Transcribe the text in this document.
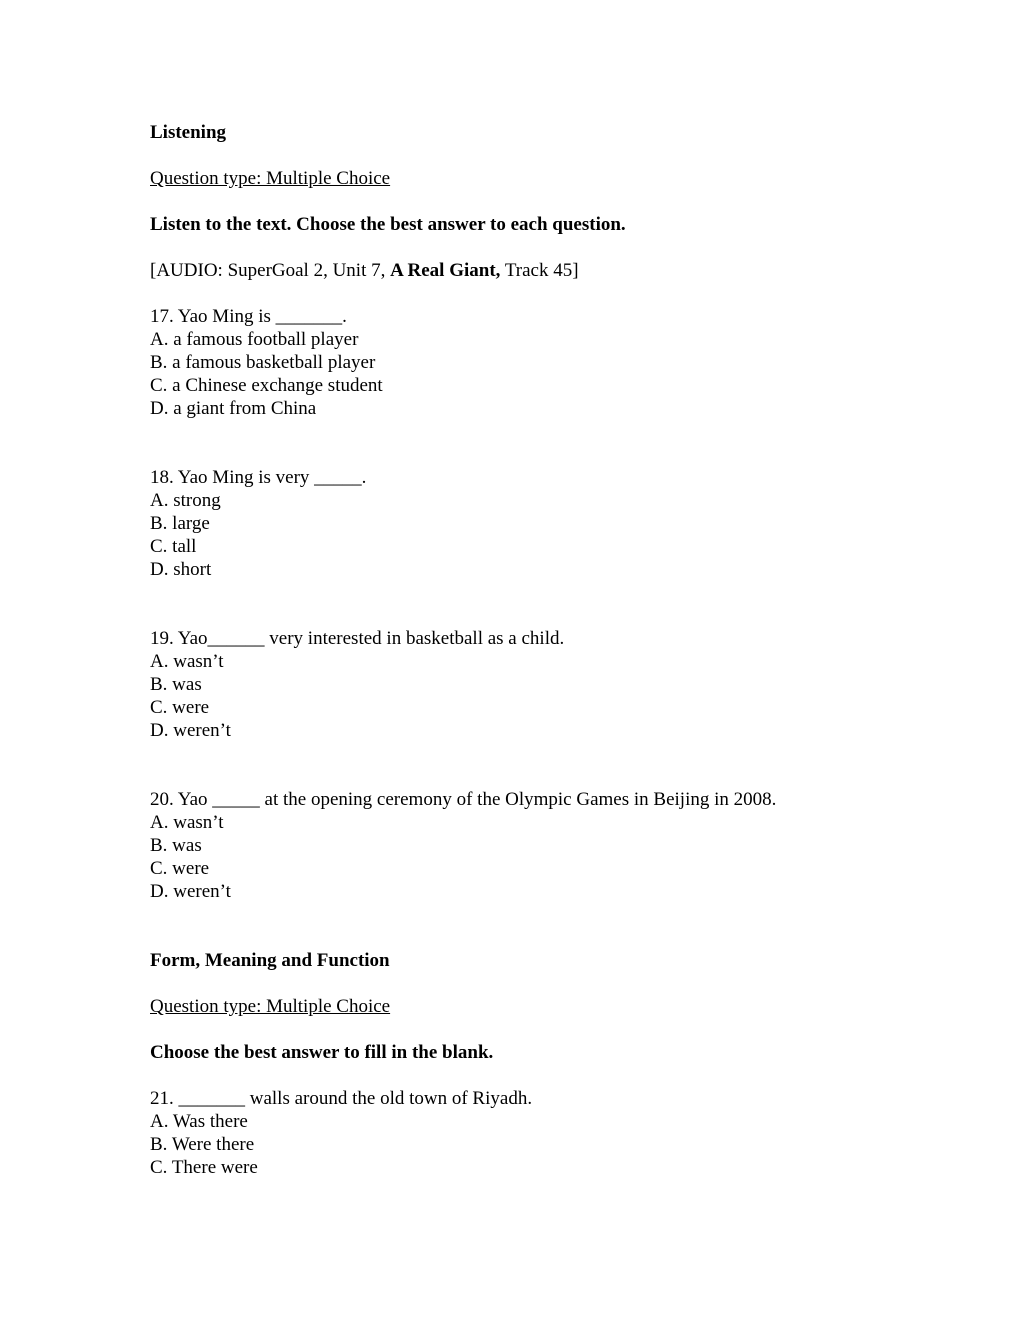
Listening
Question type: Multiple Choice
Listen to the text. Choose the best answer to each question.
[AUDIO: SuperGoal 2, Unit 7, A Real Giant, Track 45]
17. Yao Ming is _______.
A. a famous football player
B. a famous basketball player
C. a Chinese exchange student
D. a giant from China
18. Yao Ming is very _____.
A. strong
B. large
C. tall
D. short
19. Yao______ very interested in basketball as a child.
A. wasn’t
B. was
C. were
D. weren’t
20. Yao _____ at the opening ceremony of the Olympic Games in Beijing in 2008.
A. wasn’t
B. was
C. were
D. weren’t
Form, Meaning and Function
Question type: Multiple Choice
Choose the best answer to fill in the blank.
21. _______ walls around the old town of Riyadh.
A. Was there
B. Were there
C. There were
